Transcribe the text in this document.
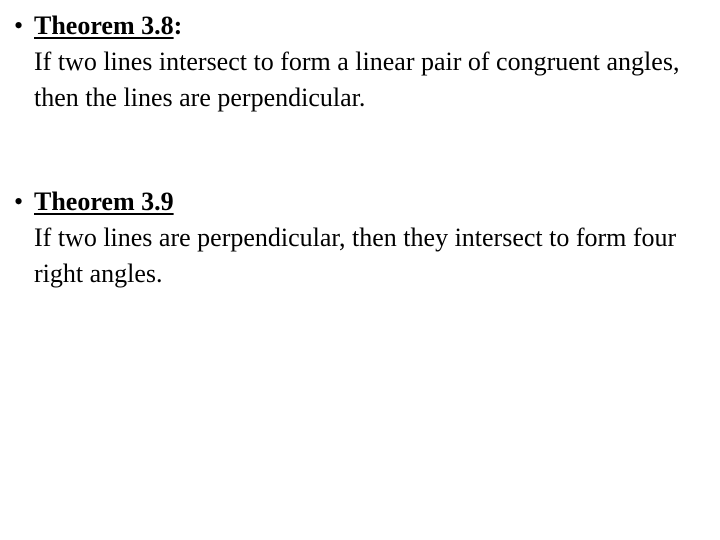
• Theorem 3.8:

If two lines intersect to form a linear pair of congruent angles, then the lines are perpendicular.

• Theorem 3.9

If two lines are perpendicular, then they intersect to form four right angles.
